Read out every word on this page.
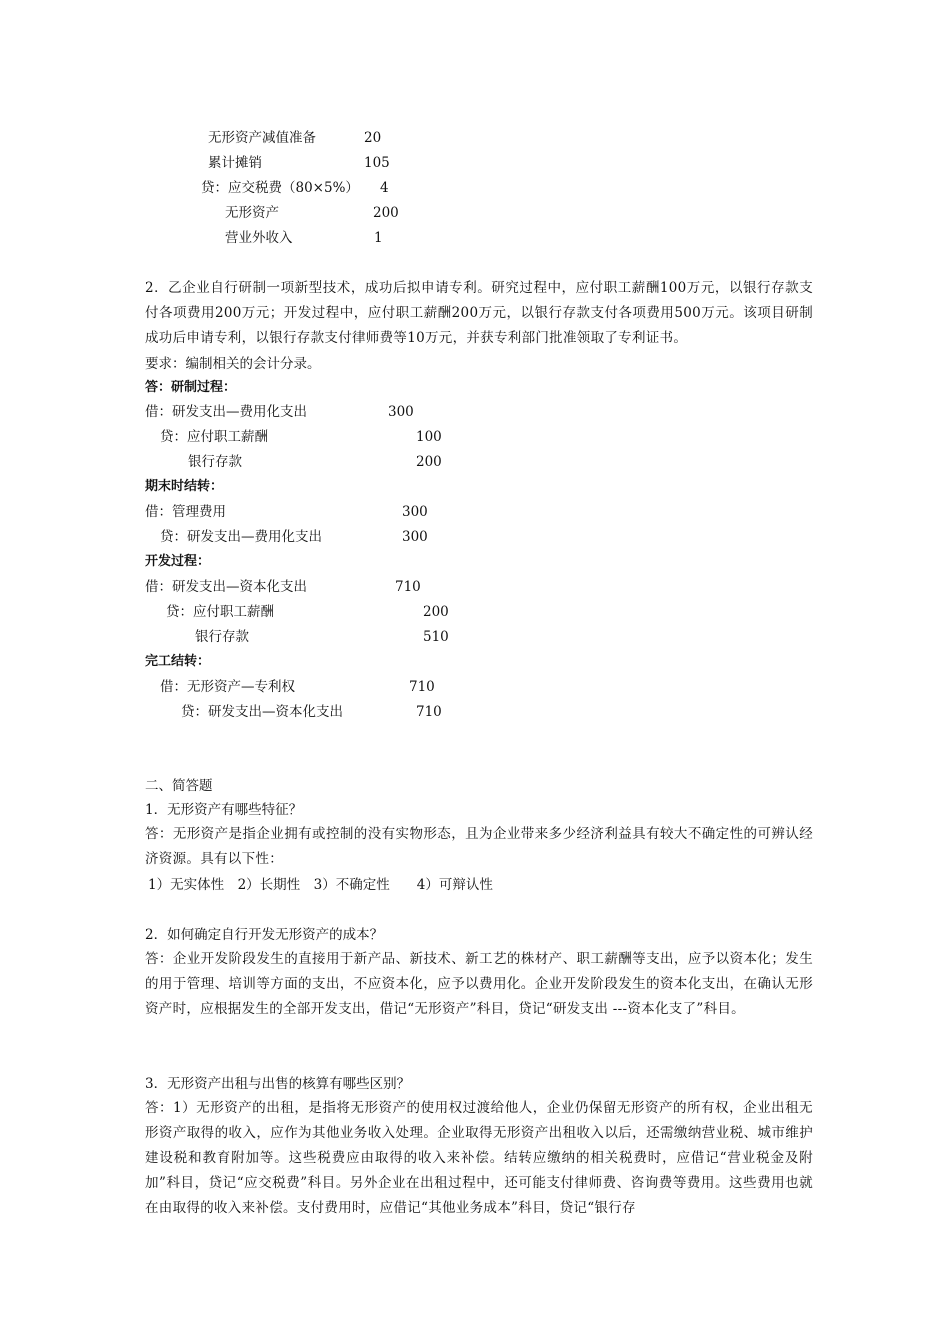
无形资产减值准备	20
累计摊销	105
贷：应交税费（80×5%） 4
无形资产	200
营业外收入	1
2．乙企业自行研制一项新型技术，成功后拟申请专利。研究过程中，应付职工薪酬100万元，以银行存款支付各项费用200万元；开发过程中，应付职工薪酬200万元，以银行存款支付各项费用500万元。该项目研制成功后申请专利，以银行存款支付律师费等10万元，并获专利部门批准领取了专利证书。
要求：编制相关的会计分录。
答：研制过程：
借：研发支出—费用化支出	300
贷：应付职工薪酬	100
银行存款	200
期末时结转：
借：管理费用	300
贷：研发支出—费用化支出	300
开发过程：
借：研发支出—资本化支出	710
贷：应付职工薪酬	200
银行存款	510
完工结转：
借：无形资产—专利权	710
贷：研发支出—资本化支出	710
二、简答题
1．无形资产有哪些特征？
答：无形资产是指企业拥有或控制的没有实物形态，且为企业带来多少经济利益具有较大不确定性的可辨认经济资源。具有以下性：
1）无实体性　2）长期性　3）不确定性　　4）可辩认性
2．如何确定自行开发无形资产的成本？
答：企业开发阶段发生的直接用于新产品、新技术、新工艺的株材产、职工薪酬等支出，应予以资本化；发生的用于管理、培训等方面的支出，不应资本化，应予以费用化。企业开发阶段发生的资本化支出，在确认无形资产时，应根据发生的全部开发支出，借记“无形资产”科目，贷记“研发支出 ---资本化支了”科目。
3．无形资产出租与出售的核算有哪些区别？
答：1）无形资产的出租，是指将无形资产的使用权过渡给他人，企业仍保留无形资产的所有权，企业出租无形资产取得的收入，应作为其他业务收入处理。企业取得无形资产出租收入以后，还需缴纳营业税、城市维护建设税和教育附加等。这些税费应由取得的收入来补偿。结转应缴纳的相关税费时，应借记“营业税金及附加”科目，贷记“应交税费”科目。另外企业在出租过程中，还可能支付律师费、咨询费等费用。这些费用也就在由取得的收入来补偿。支付费用时，应借记“其他业务成本”科目，贷记“银行存
